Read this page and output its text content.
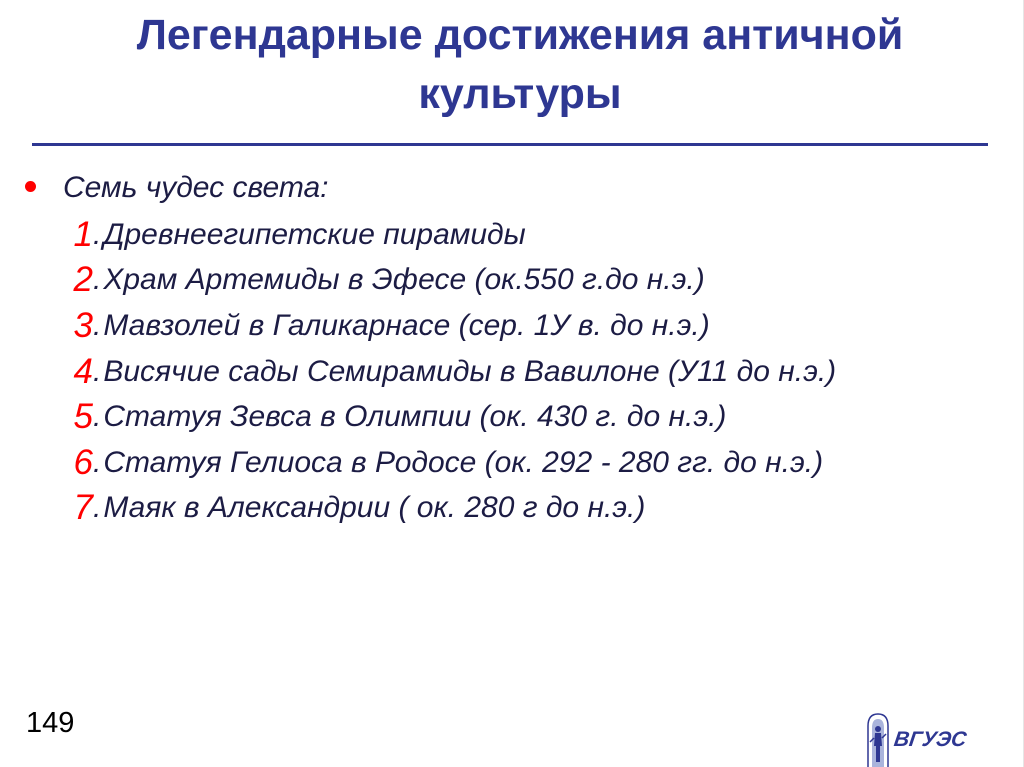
Легендарные достижения античной культуры
Семь чудес света:
1 . Древнеегипетские пирамиды
2 . Храм Артемиды в Эфесе (ок.550 г.до н.э.)
3 . Мавзолей в Галикарнасе (сер. 1У в. до н.э.)
4 . Висячие сады Семирамиды в Вавилоне (У11 до н.э.)
5 . Статуя Зевса в Олимпии (ок. 430 г. до н.э.)
6 . Статуя Гелиоса в Родосе (ок. 292 - 280 гг. до н.э.)
7 . Маяк в Александрии ( ок. 280 г до н.э.)
149
ВГУЭС
